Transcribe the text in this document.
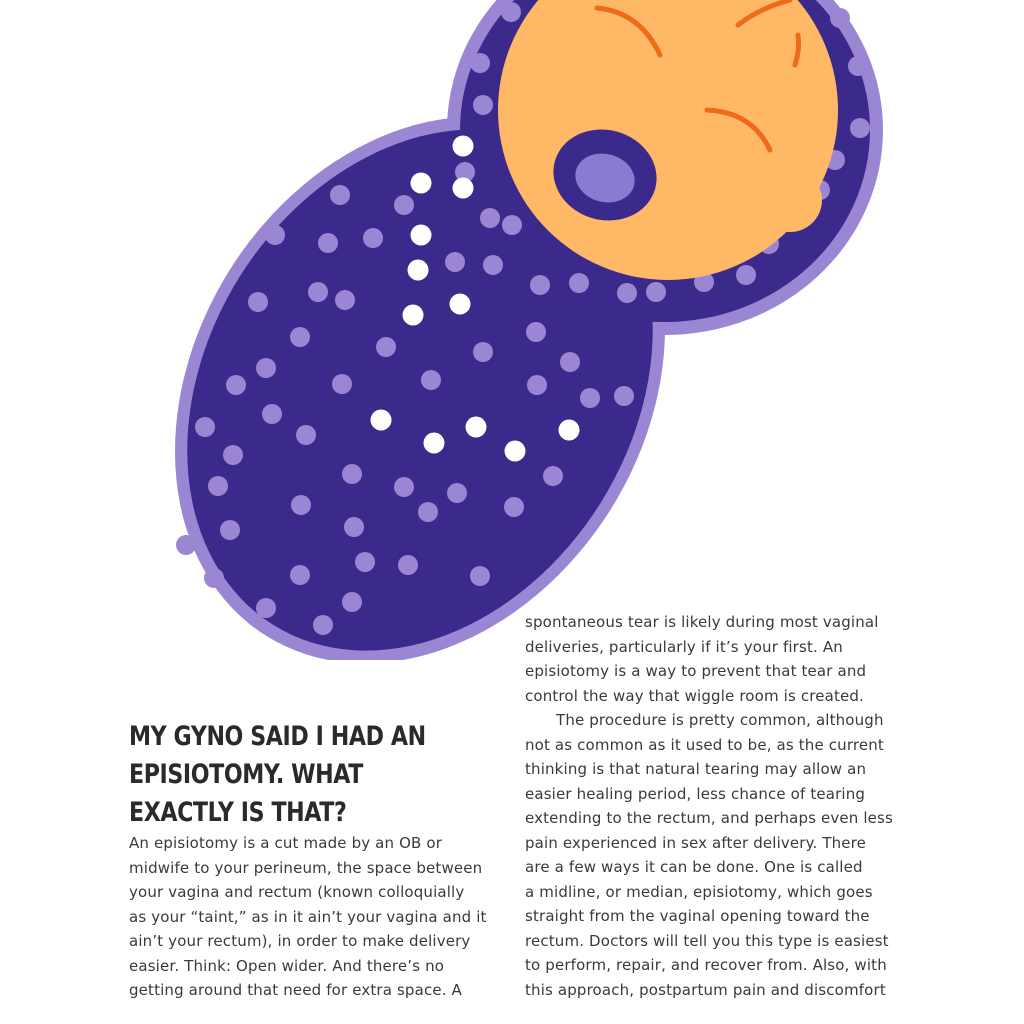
MY GYNO SAID I HAD AN
EPISIOTOMY. WHAT
EXACTLY IS THAT?
An episiotomy is a cut made by an OB or
midwife to your perineum, the space between
your vagina and rectum (known colloquially
as your “taint,” as in it ain’t your vagina and it
ain’t your rectum), in order to make delivery
easier. Think: Open wider. And there’s no
getting around that need for extra space. A
spontaneous tear is likely during most vaginal
deliveries, particularly if it’s your first. An
episiotomy is a way to prevent that tear and
control the way that wiggle room is created.
The procedure is pretty common, although
not as common as it used to be, as the current
thinking is that natural tearing may allow an
easier healing period, less chance of tearing
extending to the rectum, and perhaps even less
pain experienced in sex after delivery. There
are a few ways it can be done. One is called
a midline, or median, episiotomy, which goes
straight from the vaginal opening toward the
rectum. Doctors will tell you this type is easiest
to perform, repair, and recover from. Also, with
this approach, postpartum pain and discomfort
